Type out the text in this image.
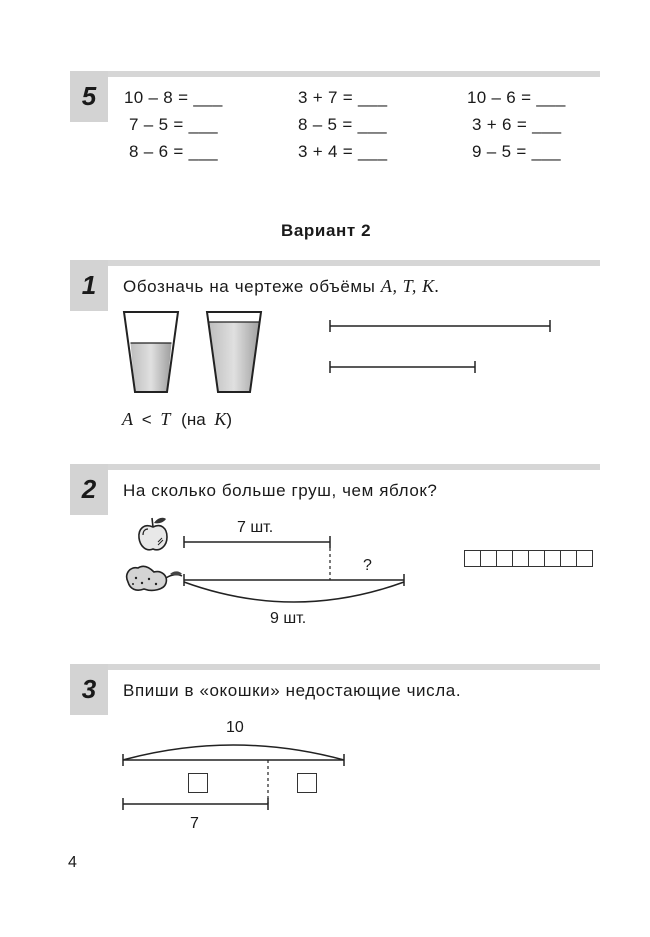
5	10 – 8 = ___	3 + 7 = ___	10 – 6 = ___
7 – 5 = ___	8 – 5 = ___	3 + 6 = ___
8 – 6 = ___	3 + 4 = ___	9 – 5 = ___
Вариант 2
1	Обозначь на чертеже объёмы A, T, K.
A < T (на K)
2	На сколько больше груш, чем яблок?
7 шт.
?
9 шт.
3	Впиши в «окошки» недостающие числа.
10
7
4
